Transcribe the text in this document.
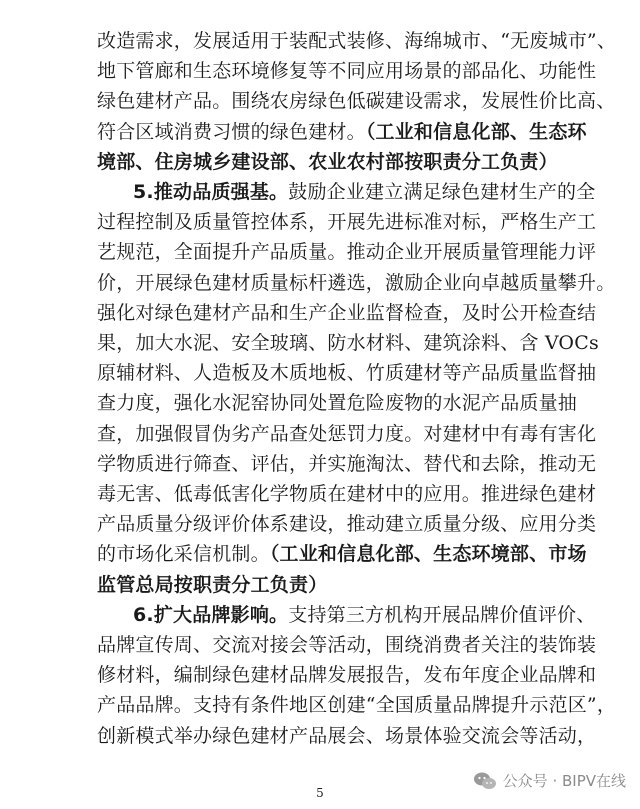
改造需求，发展适用于装配式装修、海绵城市、“无废城市”、
地下管廊和生态环境修复等不同应用场景的部品化、功能性
绿色建材产品。围绕农房绿色低碳建设需求，发展性价比高、
符合区域消费习惯的绿色建材。（工业和信息化部、生态环
境部、住房城乡建设部、农业农村部按职责分工负责）
5.推动品质强基。鼓励企业建立满足绿色建材生产的全
过程控制及质量管控体系，开展先进标准对标，严格生产工
艺规范，全面提升产品质量。推动企业开展质量管理能力评
价，开展绿色建材质量标杆遴选，激励企业向卓越质量攀升。
强化对绿色建材产品和生产企业监督检查，及时公开检查结
果，加大水泥、安全玻璃、防水材料、建筑涂料、含 VOCs
原辅材料、人造板及木质地板、竹质建材等产品质量监督抽
查力度，强化水泥窑协同处置危险废物的水泥产品质量抽
查，加强假冒伪劣产品查处惩罚力度。对建材中有毒有害化
学物质进行筛查、评估，并实施淘汰、替代和去除，推动无
毒无害、低毒低害化学物质在建材中的应用。推进绿色建材
产品质量分级评价体系建设，推动建立质量分级、应用分类
的市场化采信机制。（工业和信息化部、生态环境部、市场
监管总局按职责分工负责）
6.扩大品牌影响。支持第三方机构开展品牌价值评价、
品牌宣传周、交流对接会等活动，围绕消费者关注的装饰装
修材料，编制绿色建材品牌发展报告，发布年度企业品牌和
产品品牌。支持有条件地区创建“全国质量品牌提升示范区”，
创新模式举办绿色建材产品展会、场景体验交流会等活动，
5
公众号 · BIPV在线
